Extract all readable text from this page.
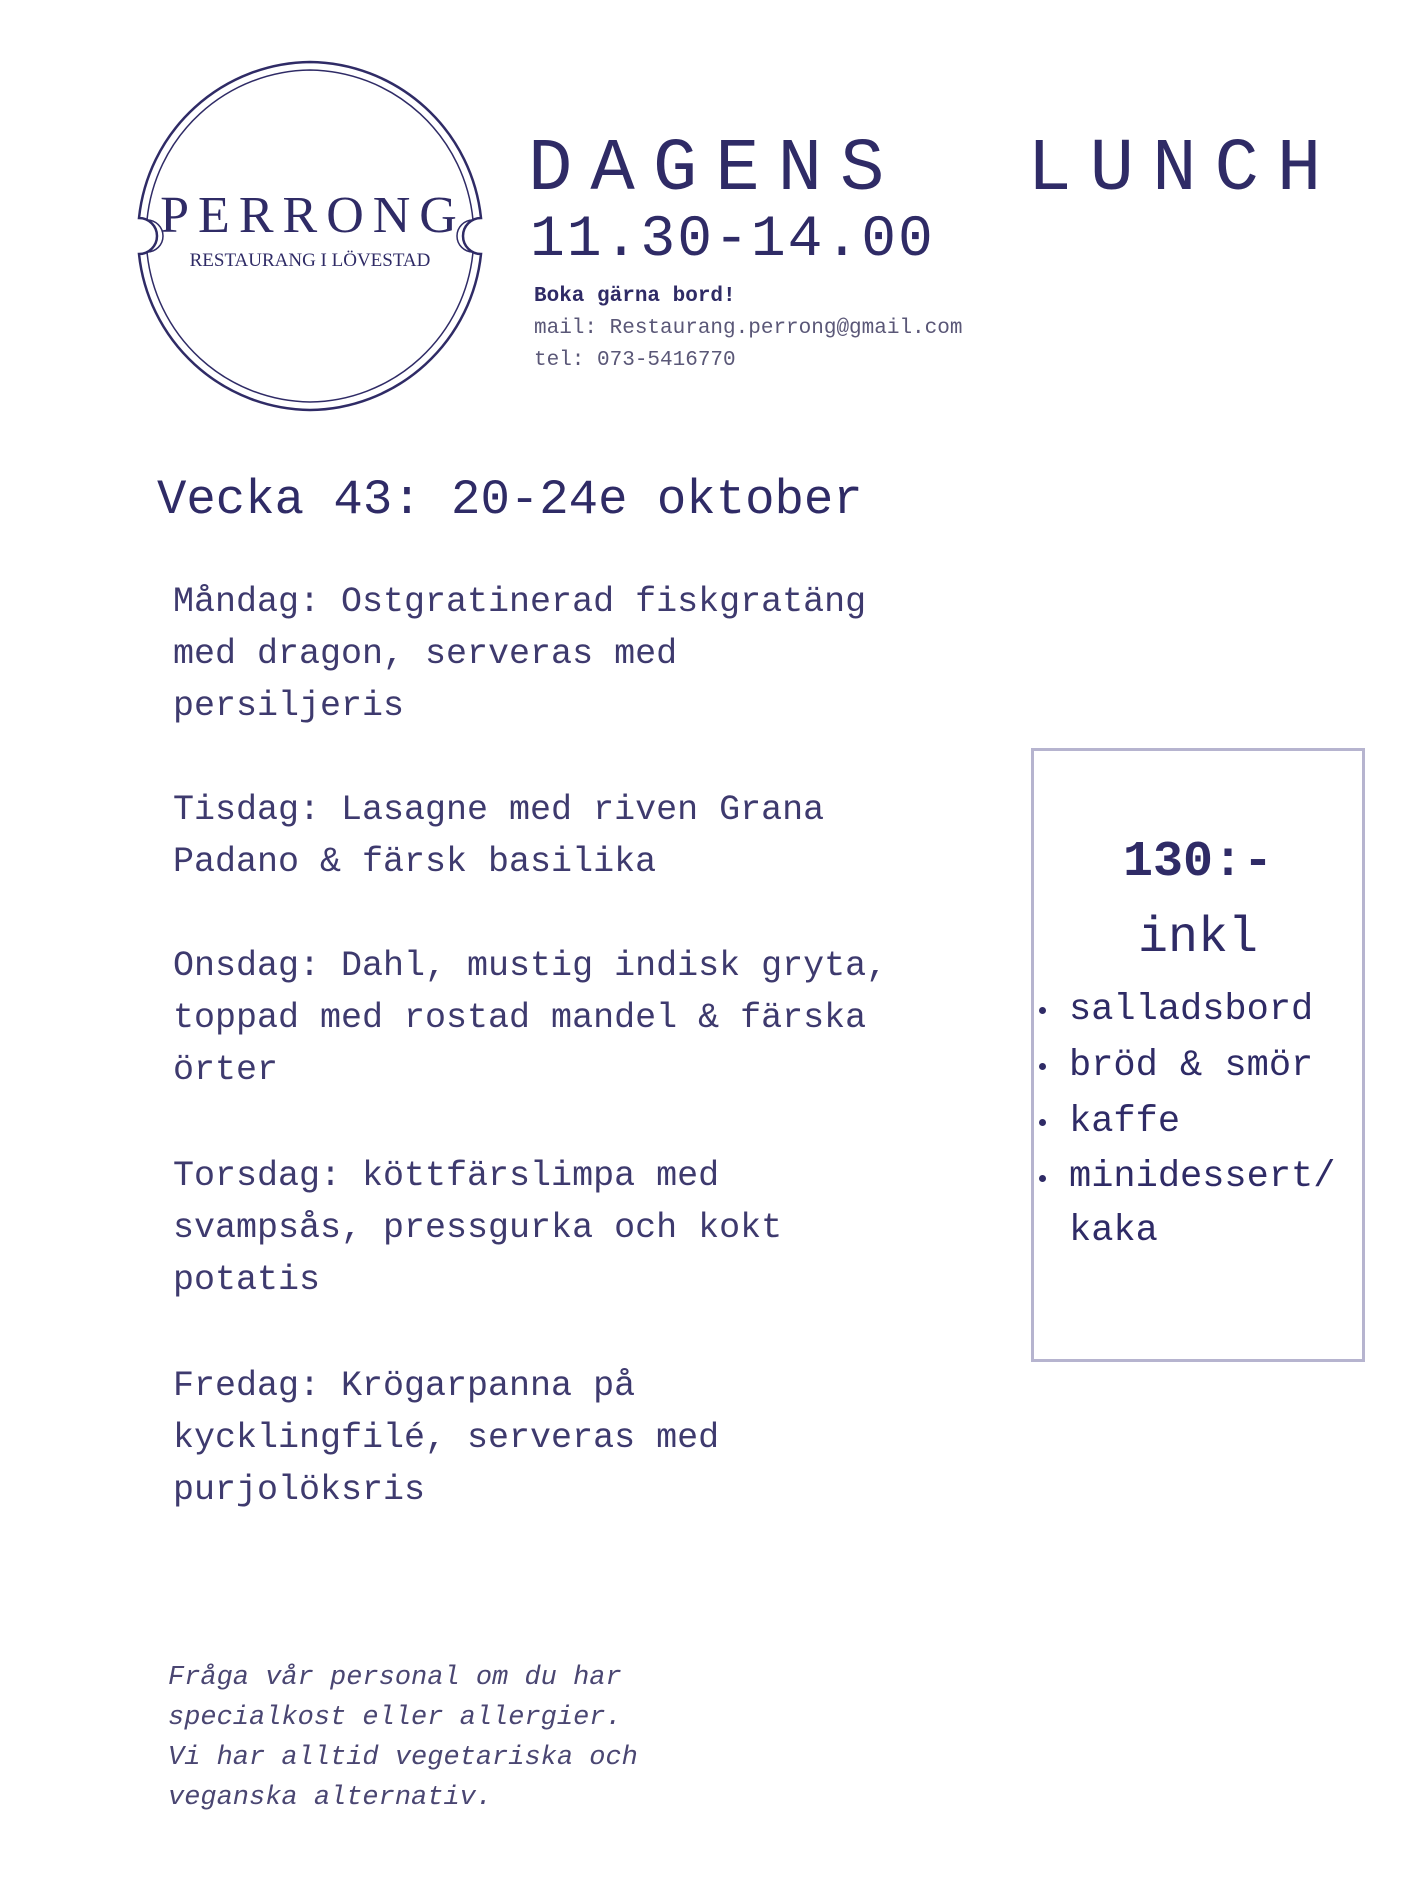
PERRONG
RESTAURANG I LÖVESTAD
DAGENS  LUNCH
11.30-14.00
Boka gärna bord!
mail: Restaurang.perrong@gmail.com
tel: 073-5416770
Vecka 43: 20-24e oktober
Måndag: Ostgratinerad fiskgratäng
med dragon, serveras med
persiljeris
Tisdag: Lasagne med riven Grana
Padano & färsk basilika
Onsdag: Dahl, mustig indisk gryta,
toppad med rostad mandel & färska
örter
Torsdag: köttfärslimpa med
svampsås, pressgurka och kokt
potatis
Fredag: Krögarpanna på
kycklingfilé, serveras med
purjolöksris
130:-
inkl
salladsbord
bröd & smör
kaffe
minidessert/
kaka
Fråga vår personal om du har
specialkost eller allergier.
Vi har alltid vegetariska och
veganska alternativ.
